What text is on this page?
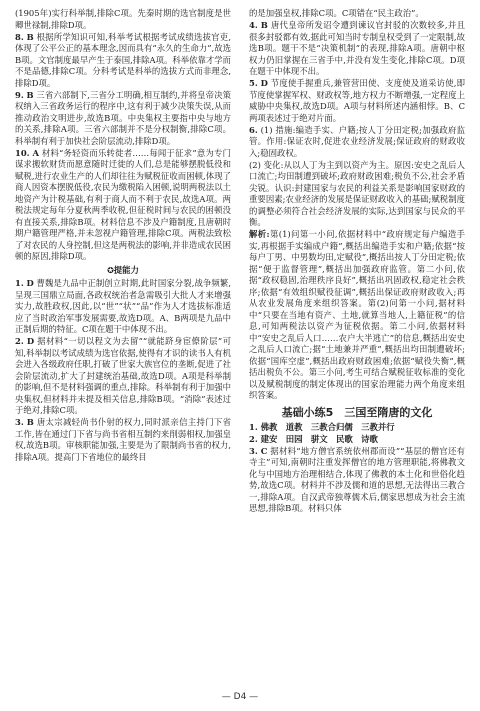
(1905年)实行科举制,排除C项。先秦时期的选官制度是世卿世禄制,排除D项。

8. B 根据所学知识可知,科举考试根据考试成绩选拔官吏,体现了公平公正的基本理念,因而具有“永久的生命力”,故选B项。文官制度最早产生于泰国,排除A项。科举依靠才学而不是品德,排除C项。分科考试是科举的选拔方式而非理念,排除D项。

9. B 三省六部制下,三省分工明确,相互制约,并将皇帝决策权纳入三省政务运行的程序中,这有利于减少决策失误,从而推动政治文明进步,故选B项。中央集权主要指中央与地方的关系,排除A项。三省六部制并不是分权制衡,排除C项。科举制有利于加快社会阶层流动,排除D项。

10. A 材料“务轻资而乐转徙者……每闻于征求”意为专门谋求搬软财货而愿意随时迁徙的人们,总是能够摆脱低役和赋税,进行农业生产的人们却往往为赋税征收而困顿,体现了商人因资本摆脱低役,农民为缴税陷入困顿,说明两税法以土地资产为计税基础,有利于商人而不利于农民,故选A项。两税法规定每年分夏秋两季收税,但征税时间与农民的困顿没有直接关系,排除B项。材料信息不涉及户籍制度,且唐朝时期户籍管理严格,并未忽视户籍管理,排除C项。两税法致松了对农民的人身控制,但这是两税法的影响,并非造成农民困顿的原因,排除D项。

✪提能力

1. D 曹魏是九品中正制创立时期,此时国家分裂,战争频繁,呈现三国鼎立局面,各政权统治者急需吸引大批人才来增强实力,故胜政权,因此,以“世”“状”“品”作为人才选拔标准适应了当时政治军事发展需要,故选D项。A、B两项是九品中正制后期的特征。C项在题干中体现不出。

2. D 据材料“一切以程文为去留”“就能跻身宦僚阶层”可知,科举制以考试成绩为选官依据,使得有才识的读书人有机会进入各级政府任职,打破了世家大族官位的垄断,促进了社会阶层流动,扩大了封建统治基础,故选D项。A项是科举制的影响,但不是材料强调的重点,排除。科举制有利于加强中央集权,但材料并未提及相关信息,排除B项。“消除”表述过于绝对,排除C项。

3. B 唐太宗减轻尚书仆射的权力,同时派亲信主持门下省工作,皆在通过门下省与尚书省相互制约来削弱相权,加强皇权,故选B项。审核职能加强,主要是为了限制尚书省的权力,排除A项。提高门下省地位的最终目

的是加强皇权,排除C项。C项错在“民主政治”。

4. B 唐代皇帝所发诏令遭到谏议官封驳的次数较多,并且很多封驳都有效,据此可知当时专制皇权受到了一定限制,故选B项。题干不是“决策机制”的表现,排除A项。唐朝中枢权力仍旧掌握在三省手中,并没有发生变化,排除C项。D项在题干中体现不出。

5. D 节度使手握重兵,兼管营田使、支度使及道采访使,即节度使掌握军权、财政权等,地方权力不断增强,一定程度上威胁中央集权,故选D项。A项与材料所述内涵相悖。B、C两项表述过于绝对片面。

6. (1) 措施:编造手实、户籍;按人丁分田定税;加强政府监管。作用:保证农时,促进农业经济发展;保证政府的财政收入;稳固政权。

(2) 变化:从以人丁为主到以资产为主。原因:安史之乱后人口流亡;均田制遭到破坏;政府财政困难;税负不公,社会矛盾尖锐。认识:封建国家与农民的利益关系是影响国家财政的重要因素;农业经济的发展是保证财政收入的基础;赋税制度的调整必须符合社会经济发展的实际,达到国家与民众的平衡。

解析:第(1)问第一小问,依据材料中“政府规定每户编造手实,再根据手实编成户籍”,概括出编造手实和户籍;依据“按每户丁男、中男数均田,定赋役”,概括出按人丁分田定税;依据“便于监督管理”,概括出加强政府监管。第二小问,依据“政权稳固,治理秩序良好”,概括出巩固政权,稳定社会秩序;依据“有效组织赋役征调”,概括出保证政府财政收入;再从农业发展角度来组织答案。第(2)问第一小问,据材料中“只要在当地有资产、土地,就算当地人,上籍征税”的信息,可知两税法以资产为征税依据。第二小问,依据材料中“安史之乱后人口……农户大半逃亡”的信息,概括出安史之乱后人口流亡;据“土地兼并严重”,概括出均田制遭破坏;依据“国库空虚”,概括出政府财政困难;依据“赋役失衡”,概括出税负不公。第三小问,考生可结合赋税征收标准的变化以及赋税制度的制定体现出的国家治理能力两个角度来组织答案。

基础小练5　三国至隋唐的文化

1. 佛教　道教　三教合归儒　三教并行

2. 建安　田园　骈文　民歌　诗歌

3. C 据材料“地方僧官系统依州郡而设”“基层的僧官还有寺主”可知,南朝时注重发挥僧官的地方管理职能,将佛教文化与中国地方治理相结合,体现了佛教的本土化和世俗化趋势,故选C项。材料并不涉及儒和道的思想,无法得出三教合一,排除A项。自汉武帝独尊儒术后,儒家思想成为社会主流思想,排除B项。材料只体

— D4 —
